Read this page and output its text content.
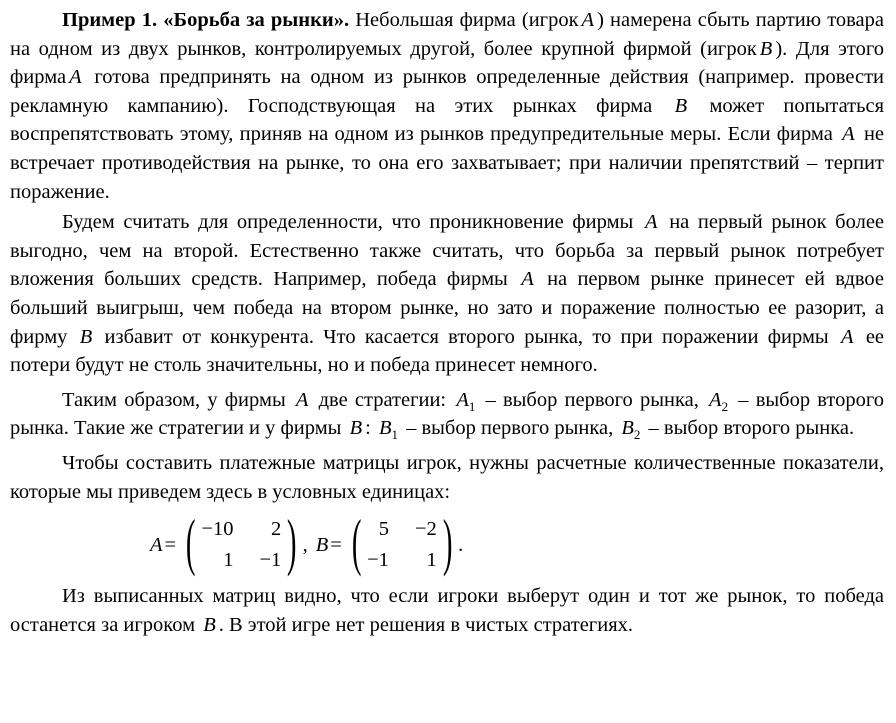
Пример 1. «Борьба за рынки». Небольшая фирма (игрок A ) намерена сбыть партию товара на одном из двух рынков, контролируемых другой, более крупной фирмой (игрок B ). Для этого фирма A готова предпринять на одном из рынков определенные действия (например. провести рекламную кампанию). Господствующая на этих рынках фирма B может попытаться воспрепятствовать этому, приняв на одном из рынков предупредительные меры. Если фирма A не встречает противодействия на рынке, то она его захватывает; при наличии препятствий – терпит поражение.

Будем считать для определенности, что проникновение фирмы A на первый рынок более выгодно, чем на второй. Естественно также считать, что борьба за первый рынок потребует вложения больших средств. Например, победа фирмы A на первом рынке принесет ей вдвое больший выигрыш, чем победа на втором рынке, но зато и поражение полностью ее разорит, а фирму B избавит от конкурента. Что касается второго рынка, то при поражении фирмы A ее потери будут не столь значительны, но и победа принесет немного.

Таким образом, у фирмы A две стратегии: $A_1$ – выбор первого рынка, $A_2$ – выбор второго рынка. Такие же стратегии и у фирмы B : $B_1$ – выбор первого рынка, $B_2$ – выбор второго рынка.

Чтобы составить платежные матрицы игрок, нужны расчетные количественные показатели, которые мы приведем здесь в условных единицах:

A = ( −10	2
1 −1 ) , B = ( 5 −2
−1	1 ) .

Из выписанных матриц видно, что если игроки выберут один и тот же рынок, то победа останется за игроком B . В этой игре нет решения в чистых стратегиях.
